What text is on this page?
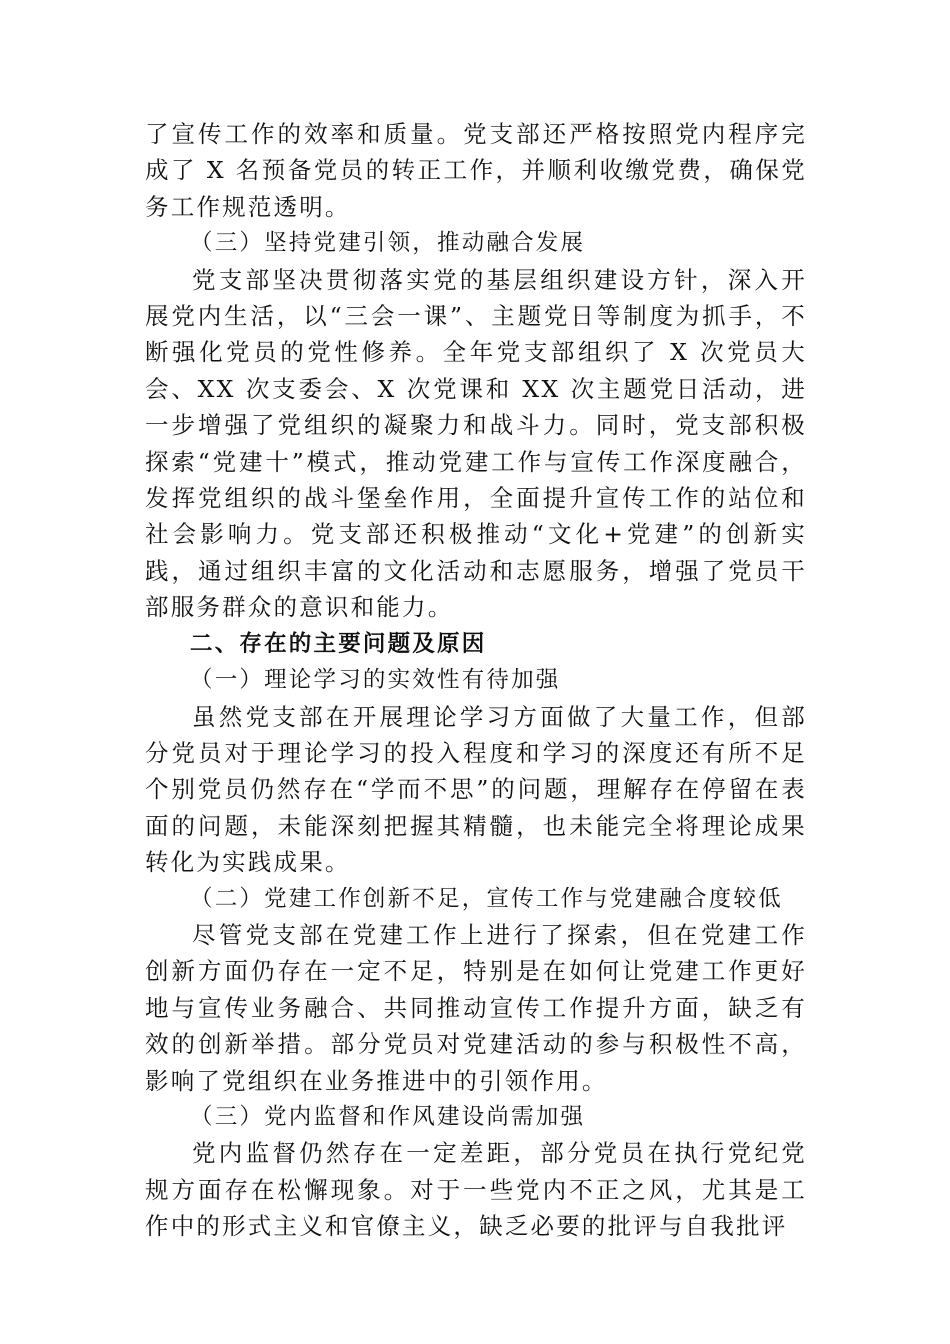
了宣传工作的效率和质量。党支部还严格按照党内程序完成了 X 名预备党员的转正工作，并顺利收缴党费，确保党务工作规范透明。

（三）坚持党建引领，推动融合发展

党支部坚决贯彻落实党的基层组织建设方针，深入开展党内生活，以“三会一课”、主题党日等制度为抓手，不断强化党员的党性修养。全年党支部组织了 X 次党员大会、XX 次支委会、X 次党课和 XX 次主题党日活动，进一步增强了党组织的凝聚力和战斗力。同时，党支部积极探索“党建十”模式，推动党建工作与宣传工作深度融合，发挥党组织的战斗堡垒作用，全面提升宣传工作的站位和社会影响力。党支部还积极推动“文化+党建”的创新实践，通过组织丰富的文化活动和志愿服务，增强了党员干部服务群众的意识和能力。

二、存在的主要问题及原因

（一）理论学习的实效性有待加强

虽然党支部在开展理论学习方面做了大量工作，但部分党员对于理论学习的投入程度和学习的深度还有所不足个别党员仍然存在“学而不思”的问题，理解存在停留在表面的问题，未能深刻把握其精髓，也未能完全将理论成果转化为实践成果。

（二）党建工作创新不足，宣传工作与党建融合度较低

尽管党支部在党建工作上进行了探索，但在党建工作创新方面仍存在一定不足，特别是在如何让党建工作更好地与宣传业务融合、共同推动宣传工作提升方面，缺乏有效的创新举措。部分党员对党建活动的参与积极性不高，影响了党组织在业务推进中的引领作用。

（三）党内监督和作风建设尚需加强

党内监督仍然存在一定差距，部分党员在执行党纪党规方面存在松懈现象。对于一些党内不正之风，尤其是工作中的形式主义和官僚主义，缺乏必要的批评与自我批评
